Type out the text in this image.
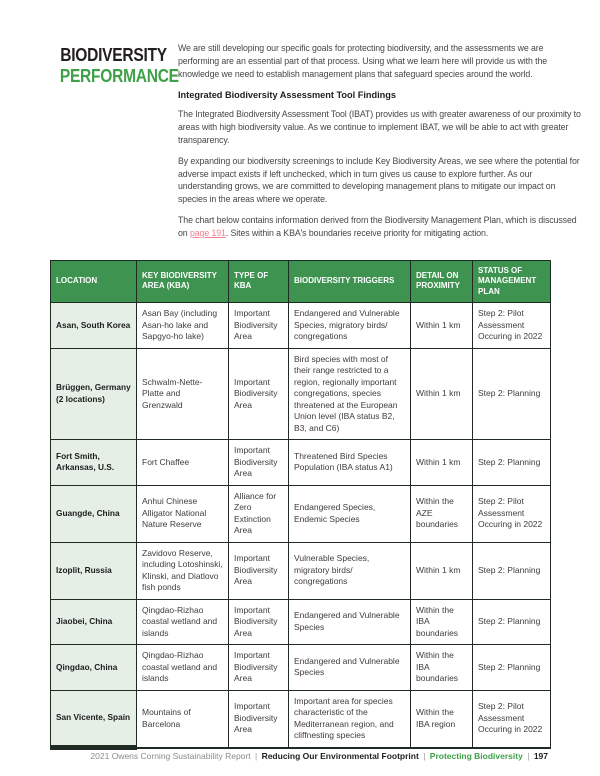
BIODIVERSITY
PERFORMANCE

We are still developing our specific goals for protecting biodiversity, and the assessments we are performing are an essential part of that process. Using what we learn here will provide us with the knowledge we need to establish management plans that safeguard species around the world.

Integrated Biodiversity Assessment Tool Findings

The Integrated Biodiversity Assessment Tool (IBAT) provides us with greater awareness of our proximity to areas with high biodiversity value. As we continue to implement IBAT, we will be able to act with greater transparency.

By expanding our biodiversity screenings to include Key Biodiversity Areas, we see where the potential for adverse impact exists if left unchecked, which in turn gives us cause to explore further. As our understanding grows, we are committed to developing management plans to mitigate our impact on species in the areas where we operate.

The chart below contains information derived from the Biodiversity Management Plan, which is discussed on page 191. Sites within a KBA's boundaries receive priority for mitigating action.

LOCATION	KEY BIODIVERSITY AREA (KBA)	TYPE OF KBA	BIODIVERSITY TRIGGERS	DETAIL ON PROXIMITY	STATUS OF MANAGEMENT PLAN
Asan, South Korea	Asan Bay (including Asan-ho lake and Sapgyo-ho lake)	Important Biodiversity Area	Endangered and Vulnerable Species, migratory birds/ congregations	Within 1 km	Step 2: Pilot Assessment Occuring in 2022
Brüggen, Germany (2 locations)	Schwalm-Nette-Platte and Grenzwald	Important Biodiversity Area	Bird species with most of their range restricted to a region, regionally important congregations, species threatened at the European Union level (IBA status B2, B3, and C6)	Within 1 km	Step 2: Planning
Fort Smith, Arkansas, U.S.	Fort Chaffee	Important Biodiversity Area	Threatened Bird Species Population (IBA status A1)	Within 1 km	Step 2: Planning
Guangde, China	Anhui Chinese Alligator National Nature Reserve	Alliance for Zero Extinction Area	Endangered Species, Endemic Species	Within the AZE boundaries	Step 2: Pilot Assessment Occuring in 2022
Izoplit, Russia	Zavidovo Reserve, including Lotoshinski, Klinski, and Diatlovo fish ponds	Important Biodiversity Area	Vulnerable Species, migratory birds/ congregations	Within 1 km	Step 2: Planning
Jiaobei, China	Qingdao-Rizhao coastal wetland and islands	Important Biodiversity Area	Endangered and Vulnerable Species	Within the IBA boundaries	Step 2: Planning
Qingdao, China	Qingdao-Rizhao coastal wetland and islands	Important Biodiversity Area	Endangered and Vulnerable Species	Within the IBA boundaries	Step 2: Planning
San Vicente, Spain	Mountains of Barcelona	Important Biodiversity Area	Important area for species characteristic of the Mediterranean region, and cliffnesting species	Within the IBA region	Step 2: Pilot Assessment Occuring in 2022
2021 Owens Corning Sustainability Report | Reducing Our Environmental Footprint | Protecting Biodiversity | 197
